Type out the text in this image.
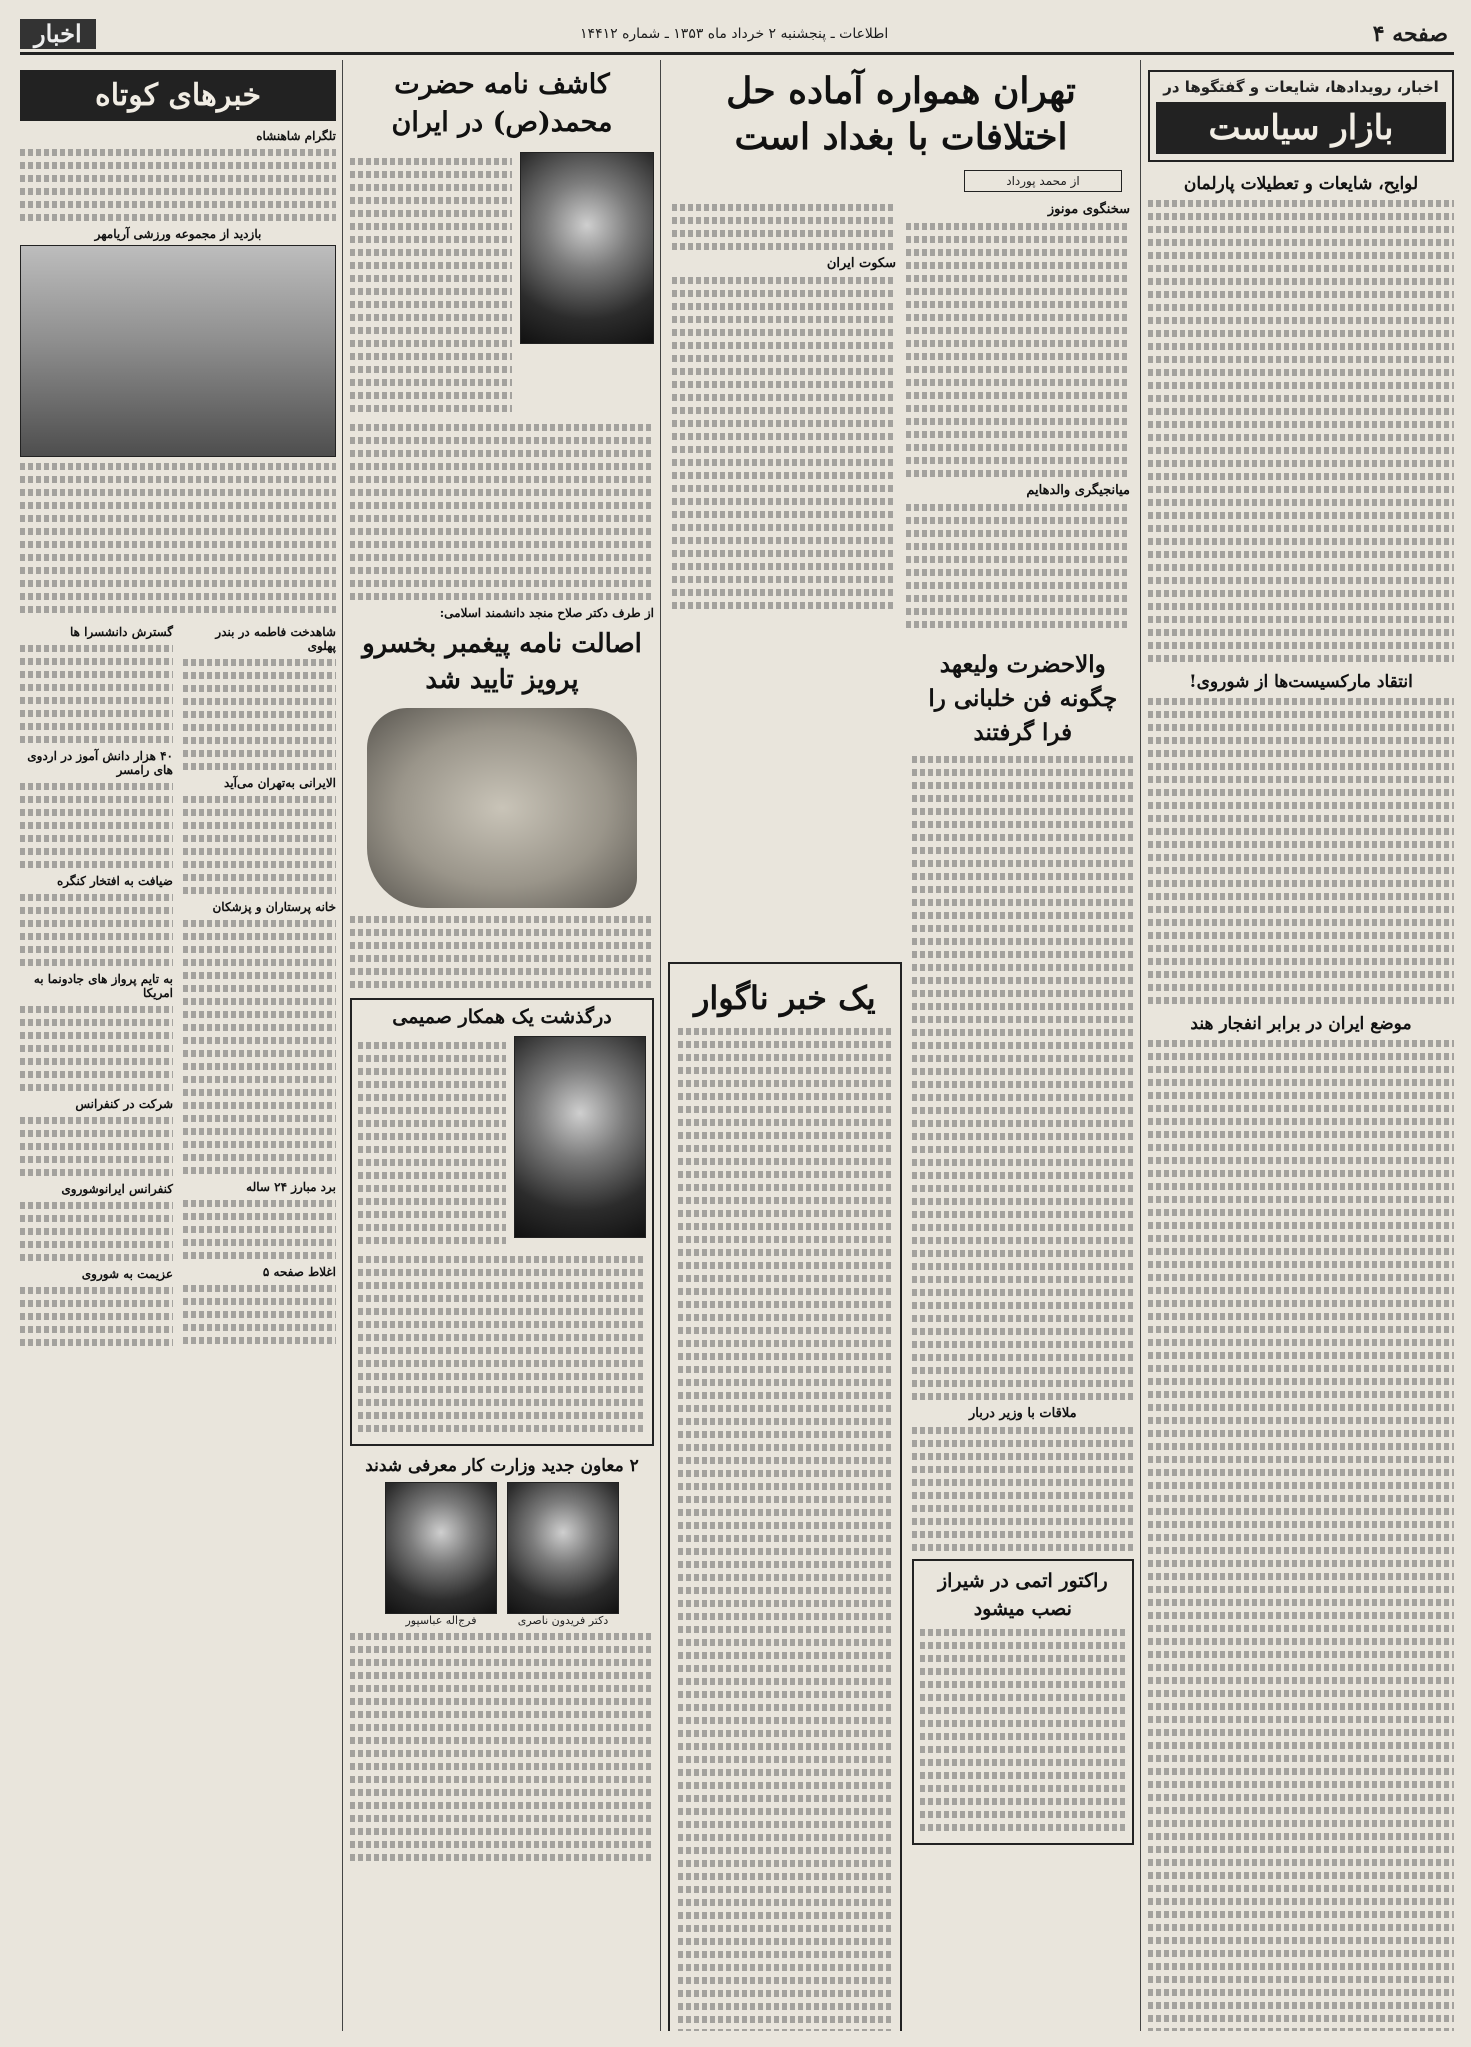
صفحه ۴
اطلاعات ـ پنجشنبه ۲ خرداد ماه ۱۳۵۳ ـ شماره ۱۴۴۱۲
اخبار
اخبار، رویدادها، شایعات و گفتگوها در
بازار سیاست
لوایح، شایعات و تعطیلات پارلمان
انتقاد مارکسیست‌ها از شوروی!
موضع ایران در برابر انفجار هند
تهران همواره آماده حل اختلافات با بغداد است
از محمد پورداد
سخنگوی مونوز
میانجیگری والدهایم
سکوت ایران
والاحضرت ولیعهد چگونه فن خلبانی را فرا گرفتند
ملاقات با وزیر دربار
راکتور اتمی در شیراز نصب میشود
یک خبر ناگوار
کاشف نامه حضرت محمد(ص) در ایران
از طرف دکتر صلاح منجد دانشمند اسلامی:
اصالت نامه پیغمبر بخسرو پرویز تایید شد
درگذشت یک همکار صمیمی
۲ معاون جدید وزارت کار معرفی شدند
دکتر فریدون ناصری
فرج‌اله عباسپور
خبرهای کوتاه
تلگرام شاهنشاه
بازدید از مجموعه ورزشی آریامهر
شاهدخت فاطمه در بندر پهلوی
الایرانی به‌تهران می‌آید
خانه پرستاران و پزشکان
برد مبارز ۲۴ ساله
اغلاط صفحه ۵
گسترش دانشسرا ها
۴۰ هزار دانش آموز در اردوی های رامسر
ضیافت به افتخار کنگره
به تایم پرواز های جادو‌نما به امریکا
شرکت در کنفرانس
کنفرانس ایرانوشوروی
عزیمت به شوروی
